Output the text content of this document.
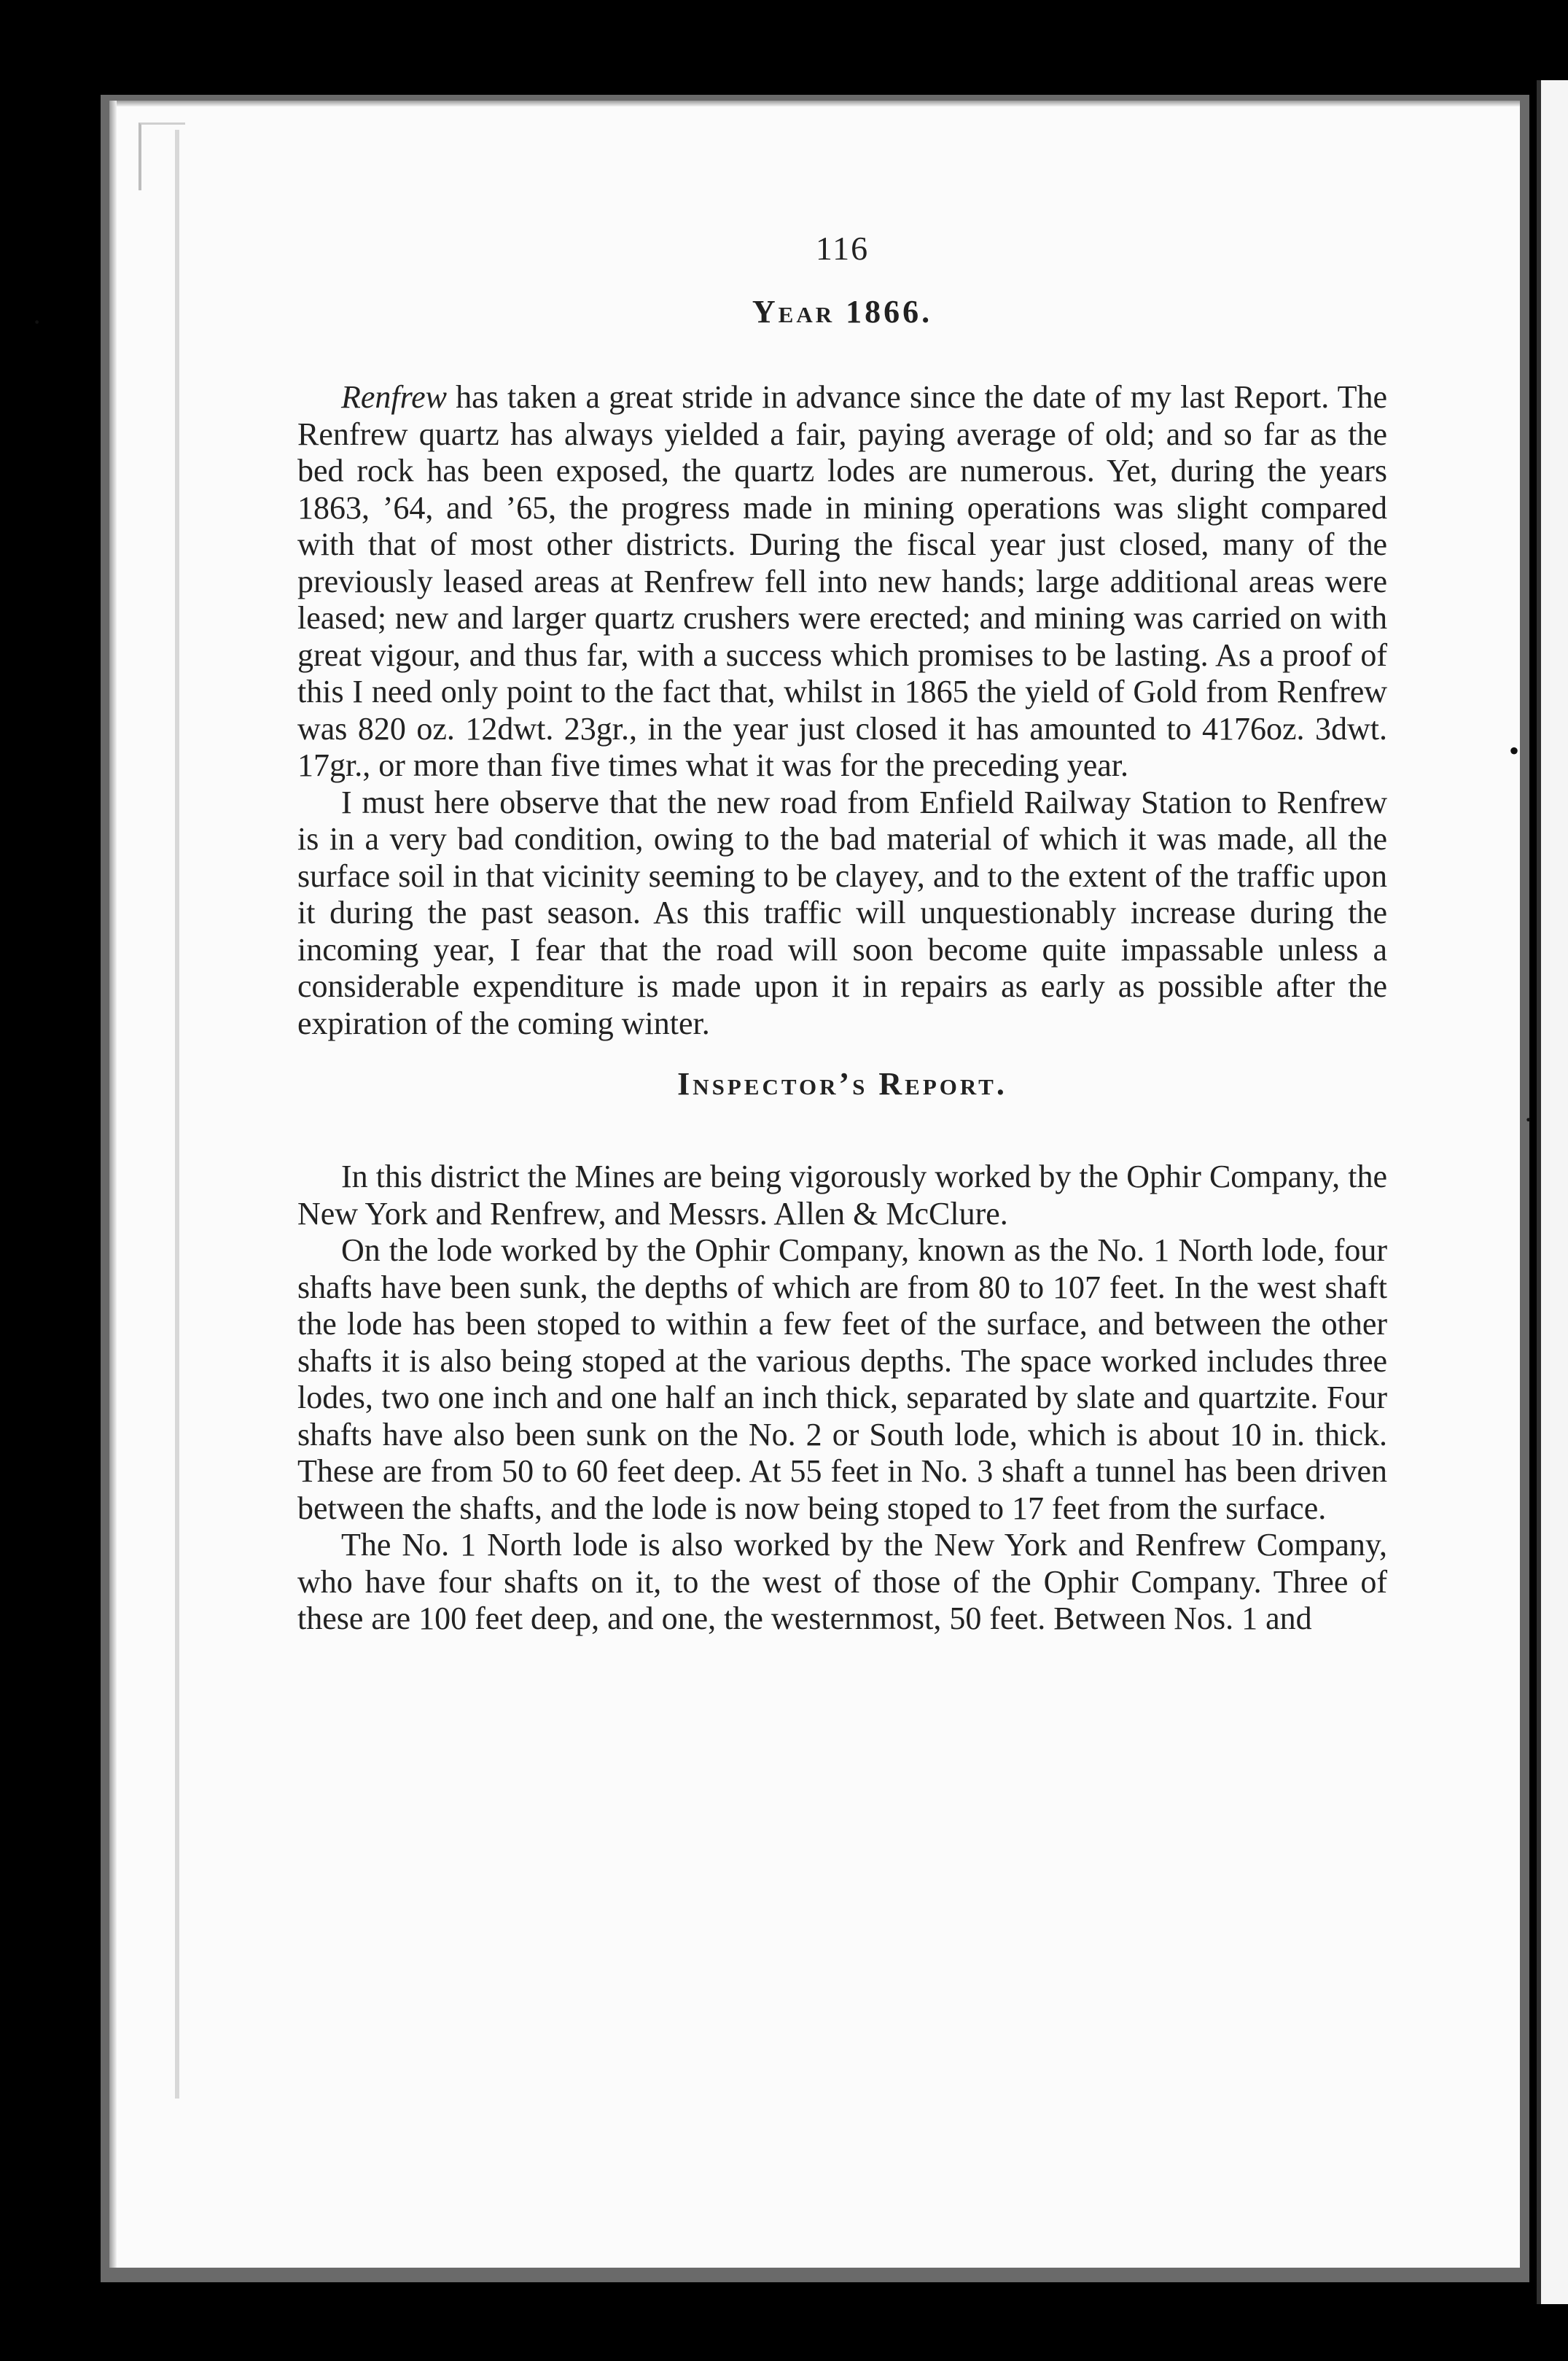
·
•
·

116

Year 1866.

Renfrew has taken a great stride in advance since the date of my last Report. The Renfrew quartz has always yielded a fair, paying average of old; and so far as the bed rock has been exposed, the quartz lodes are numerous. Yet, during the years 1863, ’64, and ’65, the progress made in mining operations was slight compared with that of most other districts. During the fiscal year just closed, many of the previously leased areas at Renfrew fell into new hands; large additional areas were leased; new and larger quartz crushers were erected; and mining was carried on with great vigour, and thus far, with a success which promises to be lasting. As a proof of this I need only point to the fact that, whilst in 1865 the yield of Gold from Renfrew was 820 oz. 12dwt. 23gr., in the year just closed it has amounted to 4176oz. 3dwt. 17gr., or more than five times what it was for the preceding year.

I must here observe that the new road from Enfield Railway Station to Renfrew is in a very bad condition, owing to the bad material of which it was made, all the surface soil in that vicinity seeming to be clayey, and to the extent of the traffic upon it during the past season. As this traffic will unquestionably increase during the incoming year, I fear that the road will soon become quite impassable unless a considerable expenditure is made upon it in repairs as early as possible after the expiration of the coming winter.

Inspector’s Report.

In this district the Mines are being vigorously worked by the Ophir Company, the New York and Renfrew, and Messrs. Allen & McClure.

On the lode worked by the Ophir Company, known as the No. 1 North lode, four shafts have been sunk, the depths of which are from 80 to 107 feet. In the west shaft the lode has been stoped to within a few feet of the surface, and between the other shafts it is also being stoped at the various depths. The space worked includes three lodes, two one inch and one half an inch thick, separated by slate and quartzite. Four shafts have also been sunk on the No. 2 or South lode, which is about 10 in. thick. These are from 50 to 60 feet deep. At 55 feet in No. 3 shaft a tunnel has been driven between the shafts, and the lode is now being stoped to 17 feet from the surface.

The No. 1 North lode is also worked by the New York and Renfrew Company, who have four shafts on it, to the west of those of the Ophir Company. Three of these are 100 feet deep, and one, the westernmost, 50 feet. Between Nos. 1 and
